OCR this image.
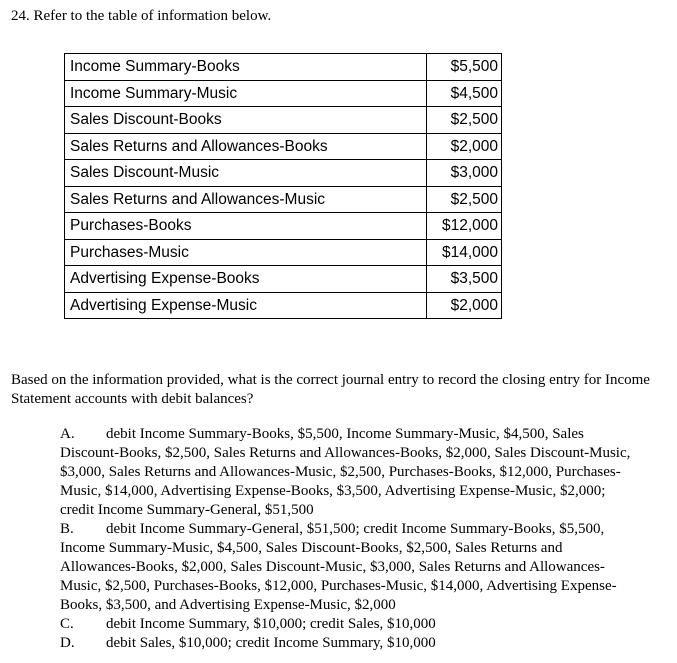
24. Refer to the table of information below.
Income Summary-Books	$5,500
Income Summary-Music	$4,500
Sales Discount-Books	$2,500
Sales Returns and Allowances-Books	$2,000
Sales Discount-Music	$3,000
Sales Returns and Allowances-Music	$2,500
Purchases-Books	$12,000
Purchases-Music	$14,000
Advertising Expense-Books	$3,500
Advertising Expense-Music	$2,000

Based on the information provided, what is the correct journal entry to record the closing entry for Income Statement accounts with debit balances?

A. debit Income Summary-Books, $5,500, Income Summary-Music, $4,500, Sales Discount-Books, $2,500, Sales Returns and Allowances-Books, $2,000, Sales Discount-Music, $3,000, Sales Returns and Allowances-Music, $2,500, Purchases-Books, $12,000, Purchases-Music, $14,000, Advertising Expense-Books, $3,500, Advertising Expense-Music, $2,000; credit Income Summary-General, $51,500
B. debit Income Summary-General, $51,500; credit Income Summary-Books, $5,500, Income Summary-Music, $4,500, Sales Discount-Books, $2,500, Sales Returns and Allowances-Books, $2,000, Sales Discount-Music, $3,000, Sales Returns and Allowances-Music, $2,500, Purchases-Books, $12,000, Purchases-Music, $14,000, Advertising Expense-Books, $3,500, and Advertising Expense-Music, $2,000
C. debit Income Summary, $10,000; credit Sales, $10,000
D. debit Sales, $10,000; credit Income Summary, $10,000
